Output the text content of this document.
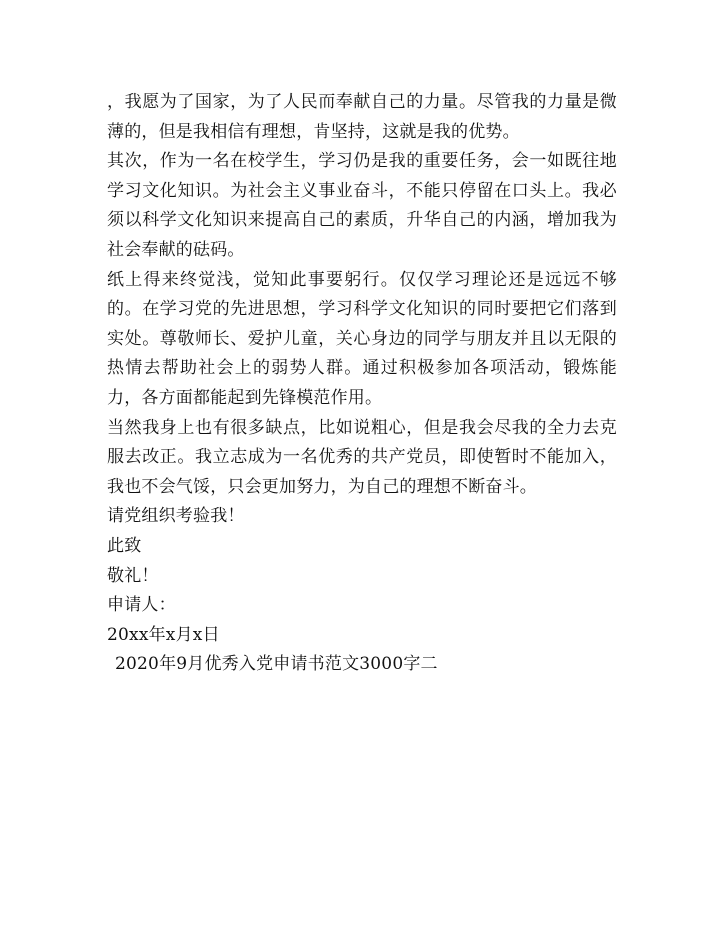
，我愿为了国家，为了人民而奉献自己的力量。尽管我的力量是微薄的，但是我相信有理想，肯坚持，这就是我的优势。

其次，作为一名在校学生，学习仍是我的重要任务，会一如既往地学习文化知识。为社会主义事业奋斗，不能只停留在口头上。我必须以科学文化知识来提高自己的素质，升华自己的内涵，增加我为社会奉献的砝码。

纸上得来终觉浅，觉知此事要躬行。仅仅学习理论还是远远不够的。在学习党的先进思想，学习科学文化知识的同时要把它们落到实处。尊敬师长、爱护儿童，关心身边的同学与朋友并且以无限的热情去帮助社会上的弱势人群。通过积极参加各项活动，锻炼能力，各方面都能起到先锋模范作用。

当然我身上也有很多缺点，比如说粗心，但是我会尽我的全力去克服去改正。我立志成为一名优秀的共产党员，即使暂时不能加入，我也不会气馁，只会更加努力，为自己的理想不断奋斗。

请党组织考验我！

此致

敬礼！

申请人：

20xx年x月x日

2020年9月优秀入党申请书范文3000字二
